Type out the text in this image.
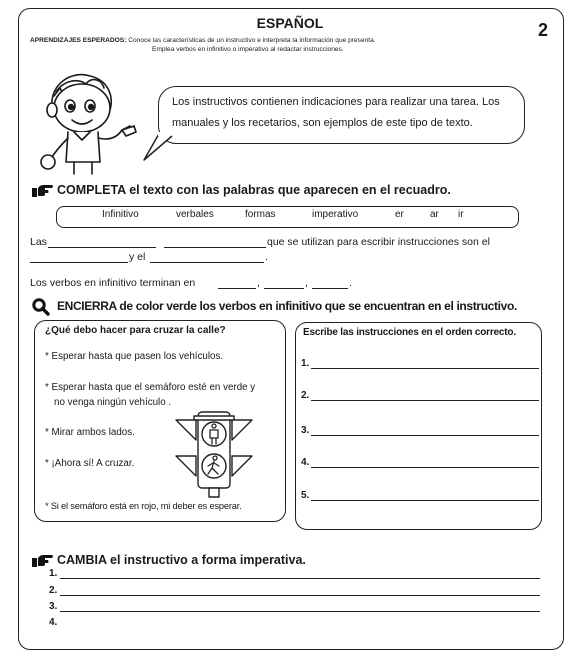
ESPAÑOL	2
APRENDIZAJES ESPERADOS: Conoce las características de un instructivo e interpreta la información que presenta.
Emplea verbos en infinitivo o imperativo al redactar instrucciones.
Los instructivos contienen indicaciones para realizar una tarea. Los
manuales y los recetarios, son ejemplos de este tipo de texto.
COMPLETA el texto con las palabras que aparecen en el recuadro.
Infinitivo	verbales	formas	imperativo	er	ar ir
Las	que se utilizan para escribir instrucciones son el
y el	.
Los verbos en infinitivo terminan en	,	,	.
ENCIERRA de color verde los verbos en infinitivo que se encuentran en el instructivo.
¿Qué debo hacer para cruzar la calle?
* Esperar hasta que pasen los vehículos.
* Esperar hasta que el semáforo esté en verde y
no venga ningún vehículo .
* Mirar ambos lados.
* ¡Ahora sí! A cruzar.
* Si el semáforo está en rojo, mi deber es esperar.
Escribe las instrucciones en el orden correcto.
1.
2.
3.
4.
5.
CAMBIA el instructivo a forma imperativa.
1.
2.
3.
4.
